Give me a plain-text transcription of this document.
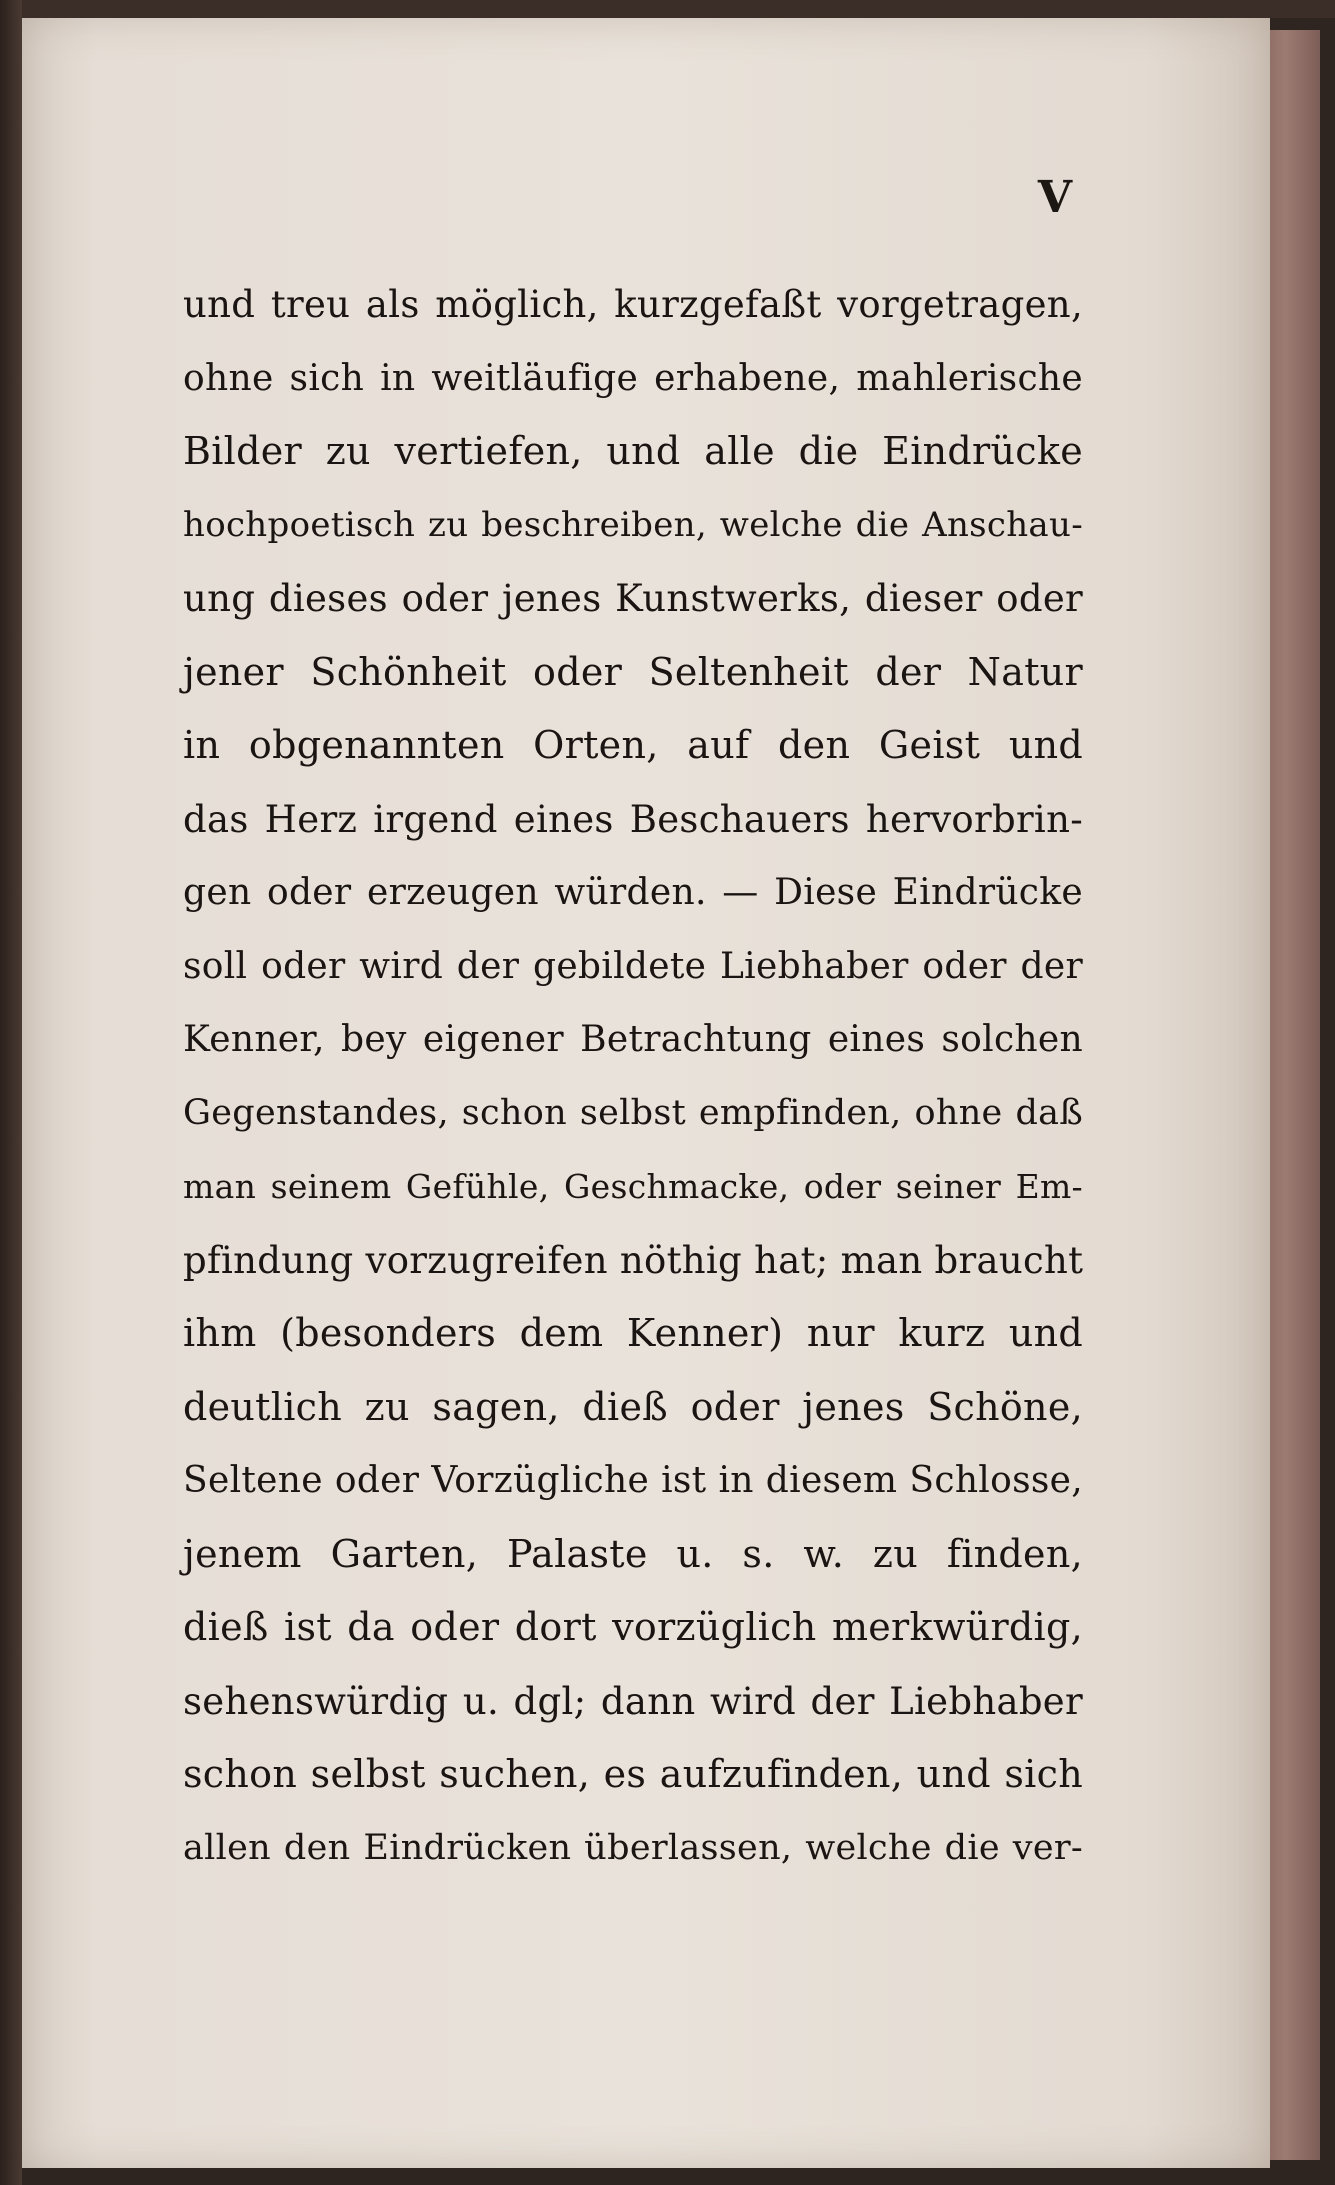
V
und treu als möglich, kurzgefaßt vorgetragen,
ohne sich in weitläufige erhabene, mahlerische
Bilder zu vertiefen, und alle die Eindrücke
hochpoetisch zu beschreiben, welche die Anschau-
ung dieses oder jenes Kunstwerks, dieser oder
jener Schönheit oder Seltenheit der Natur
in obgenannten Orten, auf den Geist und
das Herz irgend eines Beschauers hervorbrin-
gen oder erzeugen würden. — Diese Eindrücke
soll oder wird der gebildete Liebhaber oder der
Kenner, bey eigener Betrachtung eines solchen
Gegenstandes, schon selbst empfinden, ohne daß
man seinem Gefühle, Geschmacke, oder seiner Em-
pfindung vorzugreifen nöthig hat; man braucht
ihm (besonders dem Kenner) nur kurz und
deutlich zu sagen, dieß oder jenes Schöne,
Seltene oder Vorzügliche ist in diesem Schlosse,
jenem Garten, Palaste u. s. w. zu finden,
dieß ist da oder dort vorzüglich merkwürdig,
sehenswürdig u. dgl; dann wird der Liebhaber
schon selbst suchen, es aufzufinden, und sich
allen den Eindrücken überlassen, welche die ver-
